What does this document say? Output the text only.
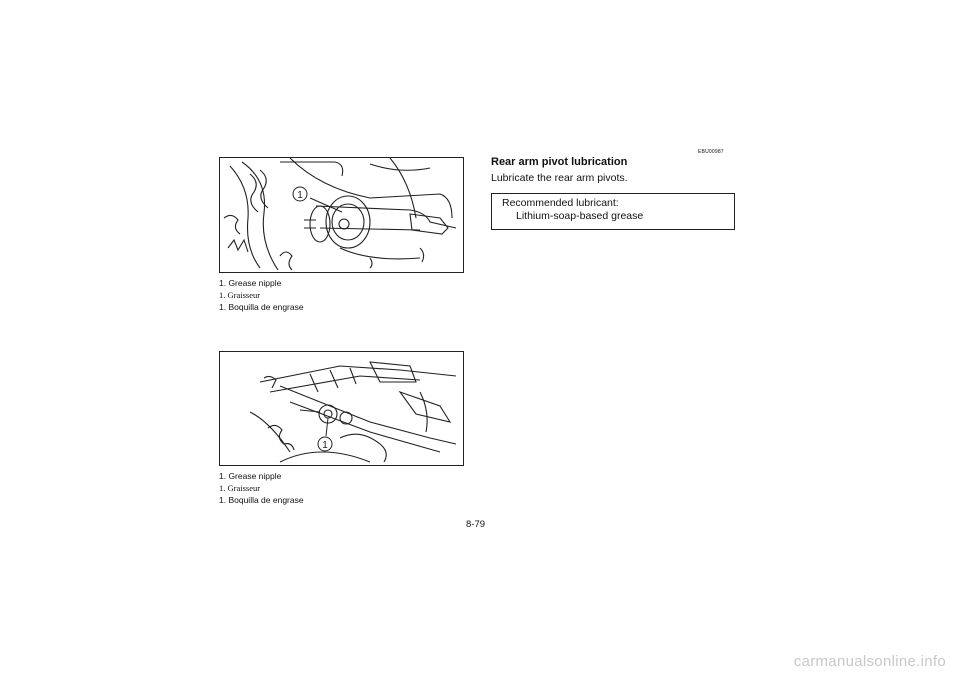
1
1. Grease nipple
1. Graisseur
1. Boquilla de engrase
1
1. Grease nipple
1. Graisseur
1. Boquilla de engrase
EBU00987
Rear arm pivot lubrication
Lubricate the rear arm pivots.
Recommended lubricant:
Lithium-soap-based grease
8-79
carmanualsonline.info
